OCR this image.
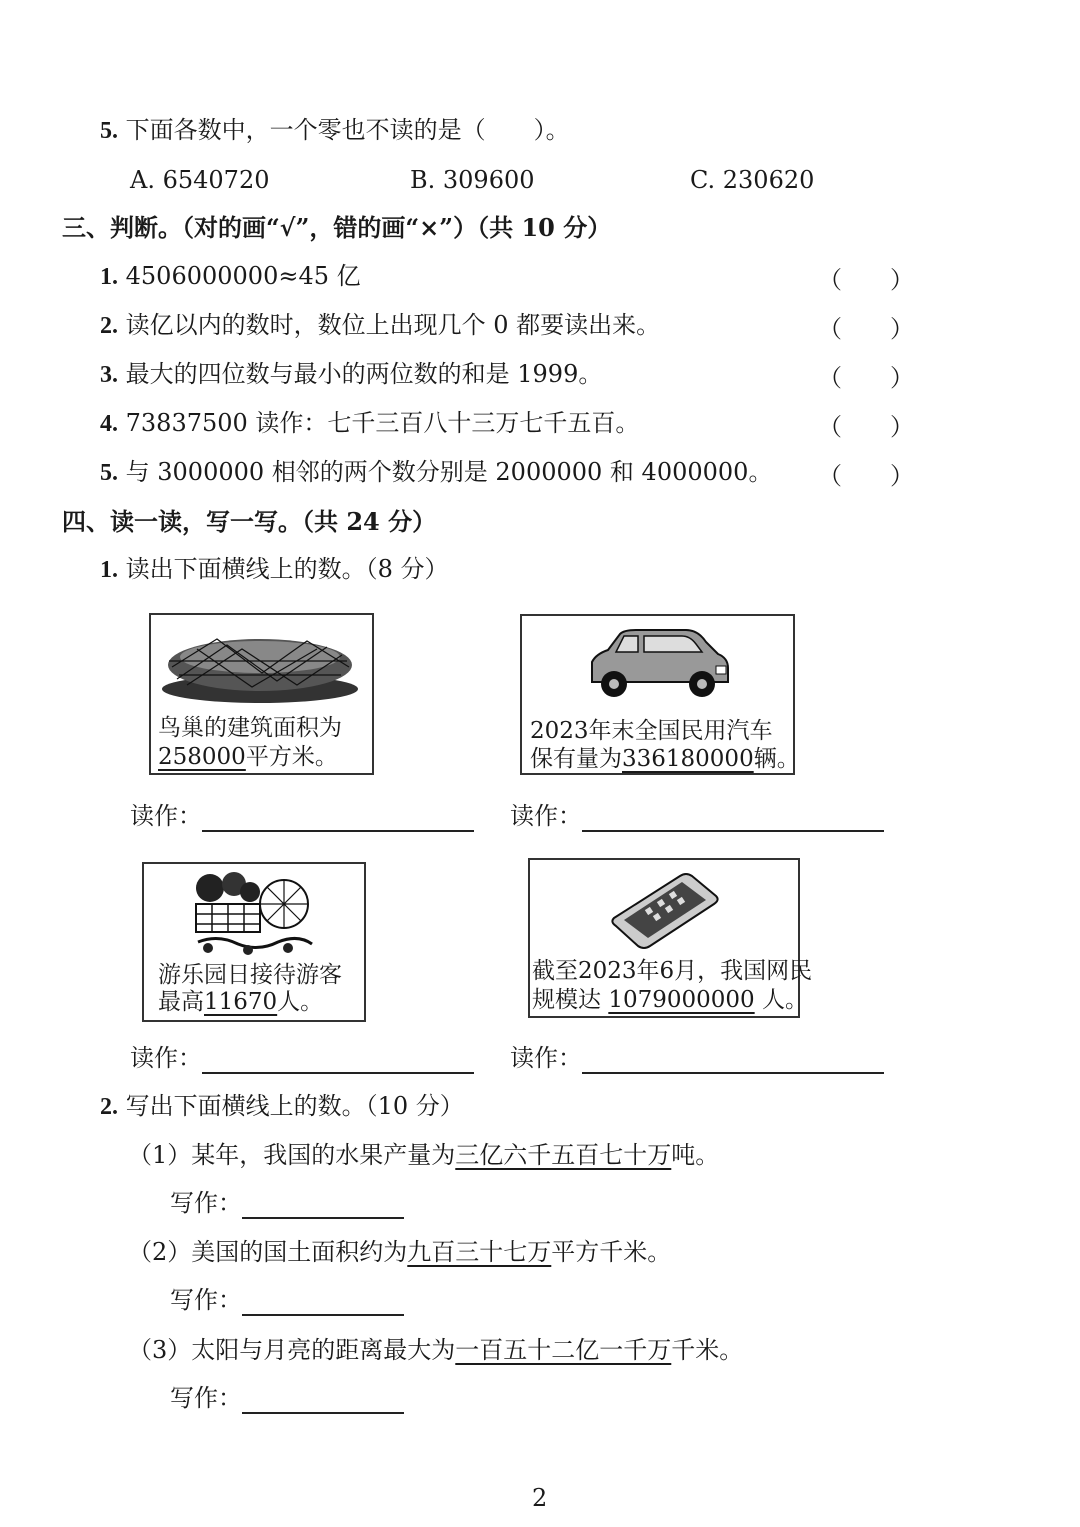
5. 下面各数中，一个零也不读的是（　　）。
A. 6540720	B. 309600	C. 230620
三、判断。（对的画“√”，错的画“×”）（共 10 分）
1. 4506000000≈45 亿	（　　）
2. 读亿以内的数时，数位上出现几个 0 都要读出来。	（　　）
3. 最大的四位数与最小的两位数的和是 1999。	（　　）
4. 73837500 读作：七千三百八十三万七千五百。	（　　）
5. 与 3000000 相邻的两个数分别是 2000000 和 4000000。 （　　）
四、读一读，写一写。（共 24 分）
1. 读出下面横线上的数。（8 分）
鸟巢的建筑面积为
258000平方米。
2023年末全国民用汽车
保有量为336180000辆。
读作：	读作：
游乐园日接待游客
最高11670人。
截至2023年6月，我国网民
规模达 1079000000 人。
读作：	读作：
2. 写出下面横线上的数。（10 分）
（1）某年，我国的水果产量为三亿六千五百七十万吨。
写作：
（2）美国的国土面积约为九百三十七万平方千米。
写作：
（3）太阳与月亮的距离最大为一百五十二亿一千万千米。
写作：
2
